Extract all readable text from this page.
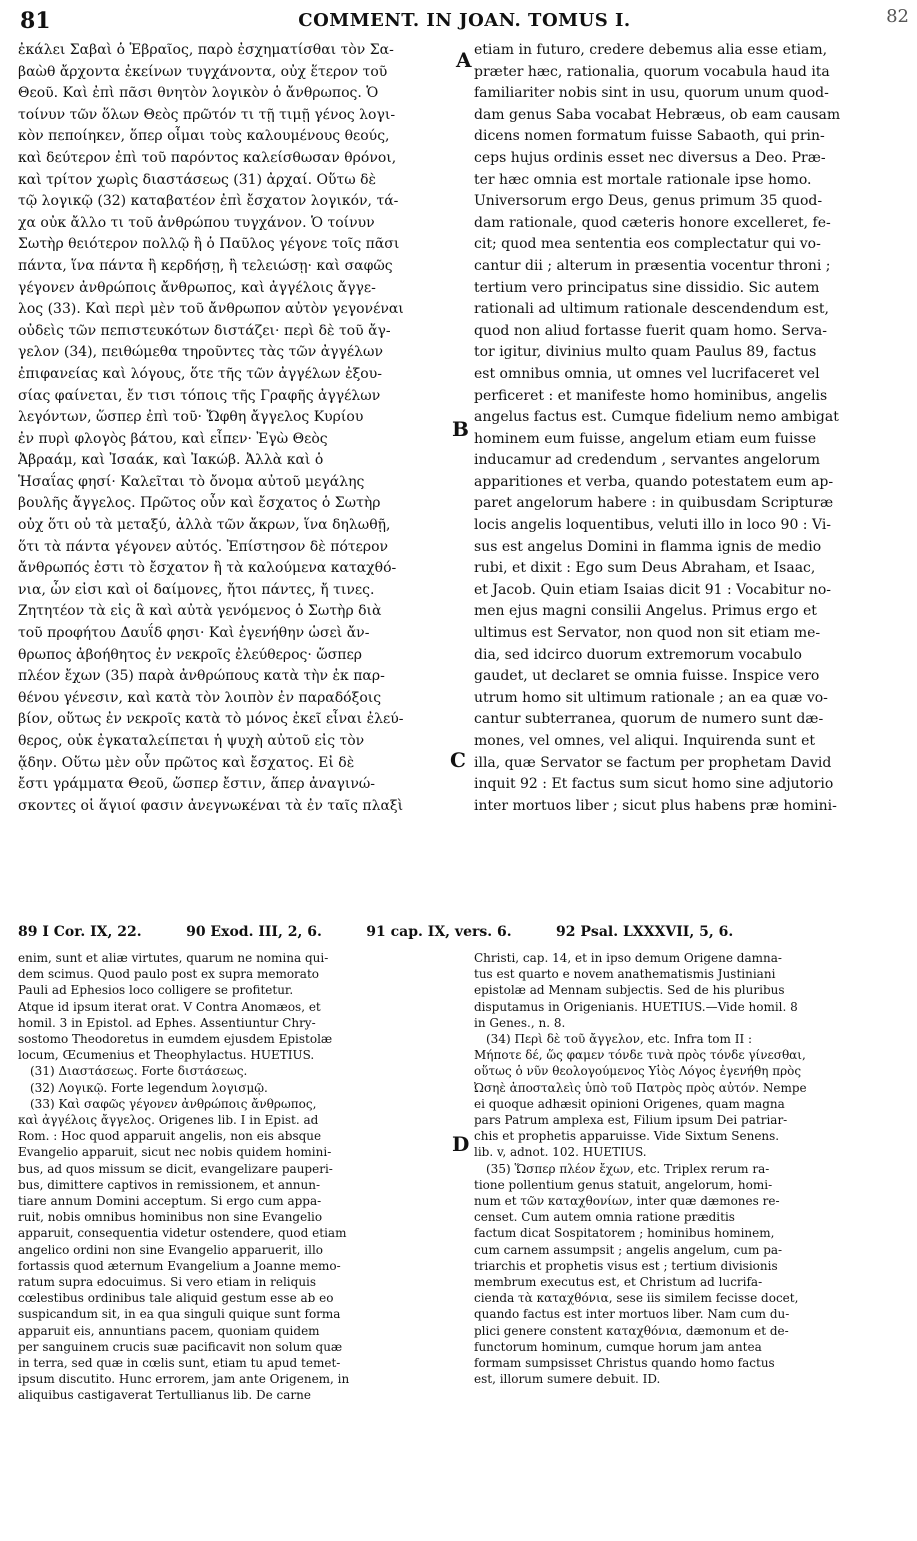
81	COMMENT. IN JOAN. TOMUS I.	82

ἐκάλει Σαβαὶ ὁ Ἑβραῖος, παρὸ ἐσχηματίσθαι τὸν Σα-

βαὼθ ἄρχοντα ἐκείνων τυγχάνοντα, οὐχ ἕτερον τοῦ

Θεοῦ. Καὶ ἐπὶ πᾶσι θνητὸν λογικὸν ὁ ἄνθρωπος. Ὁ

τοίνυν τῶν ὅλων Θεὸς πρῶτόν τι τῇ τιμῇ γένος λογι-

κὸν πεποίηκεν, ὅπερ οἶμαι τοὺς καλουμένους θεούς,

καὶ δεύτερον ἐπὶ τοῦ παρόντος καλείσθωσαν θρόνοι,

καὶ τρίτον χωρὶς διαστάσεως (31) ἀρχαί. Οὕτω δὲ

τῷ λογικῷ (32) καταβατέον ἐπὶ ἔσχατον λογικόν, τά-

χα οὐκ ἄλλο τι τοῦ ἀνθρώπου τυγχάνον. Ὁ τοίνυν

Σωτὴρ θειότερον πολλῷ ἢ ὁ Παῦλος γέγονε τοῖς πᾶσι

πάντα, ἵνα πάντα ἢ κερδήσῃ, ἢ τελειώσῃ· καὶ σαφῶς

γέγονεν ἀνθρώποις ἄνθρωπος, καὶ ἀγγέλοις ἄγγε-

λος (33). Καὶ περὶ μὲν τοῦ ἄνθρωπον αὐτὸν γεγονέναι

οὐδεὶς τῶν πεπιστευκότων διστάζει· περὶ δὲ τοῦ ἄγ-

γελον (34), πειθώμεθα τηροῦντες τὰς τῶν ἀγγέλων

ἐπιφανείας καὶ λόγους, ὅτε τῆς τῶν ἀγγέλων ἐξου-

σίας φαίνεται, ἔν τισι τόποις τῆς Γραφῆς ἀγγέλων

λεγόντων, ὥσπερ ἐπὶ τοῦ· Ὤφθη ἄγγελος Κυρίου

ἐν πυρὶ φλογὸς βάτου, καὶ εἶπεν· Ἐγὼ Θεὸς

Ἀβραάμ, καὶ Ἰσαάκ, καὶ Ἰακώβ. Ἀλλὰ καὶ ὁ

Ἡσαΐας φησί· Καλεῖται τὸ ὄνομα αὐτοῦ μεγάλης

βουλῆς ἄγγελος. Πρῶτος οὖν καὶ ἔσχατος ὁ Σωτὴρ

οὐχ ὅτι οὐ τὰ μεταξύ, ἀλλὰ τῶν ἄκρων, ἵνα δηλωθῇ,

ὅτι τὰ πάντα γέγονεν αὐτός. Ἐπίστησον δὲ πότερον

ἄνθρωπός ἐστι τὸ ἔσχατον ἢ τὰ καλούμενα καταχθό-

νια, ὧν εἰσι καὶ οἱ δαίμονες, ἤτοι πάντες, ἤ τινες.

Ζητητέον τὰ εἰς ἃ καὶ αὐτὰ γενόμενος ὁ Σωτὴρ διὰ

τοῦ προφήτου Δαυΐδ φησι· Καὶ ἐγενήθην ὡσεὶ ἄν-

θρωπος ἀβοήθητος ἐν νεκροῖς ἐλεύθερος· ὥσπερ

πλέον ἔχων (35) παρὰ ἀνθρώπους κατὰ τὴν ἐκ παρ-

θένου γένεσιν, καὶ κατὰ τὸν λοιπὸν ἐν παραδόξοις

βίον, οὕτως ἐν νεκροῖς κατὰ τὸ μόνος ἐκεῖ εἶναι ἐλεύ-

θερος, οὐκ ἐγκαταλείπεται ἡ ψυχὴ αὐτοῦ εἰς τὸν

ᾅδην. Οὕτω μὲν οὖν πρῶτος καὶ ἔσχατος. Εἰ δὲ

ἔστι γράμματα Θεοῦ, ὥσπερ ἔστιν, ἅπερ ἀναγινώ-

σκοντες οἱ ἅγιοί φασιν ἀνεγνωκέναι τὰ ἐν ταῖς πλαξὶ

etiam in futuro, credere debemus alia esse etiam,

præter hæc, rationalia, quorum vocabula haud ita

familiariter nobis sint in usu, quorum unum quod-

dam genus Saba vocabat Hebræus, ob eam causam

dicens nomen formatum fuisse Sabaoth, qui prin-

ceps hujus ordinis esset nec diversus a Deo. Præ-

ter hæc omnia est mortale rationale ipse homo.

Universorum ergo Deus, genus primum 35 quod-

dam rationale, quod cæteris honore excelleret, fe-

cit; quod mea sententia eos complectatur qui vo-

cantur dii ; alterum in præsentia vocentur throni ;

tertium vero principatus sine dissidio. Sic autem

rationali ad ultimum rationale descendendum est,

quod non aliud fortasse fuerit quam homo. Serva-

tor igitur, divinius multo quam Paulus 89, factus

est omnibus omnia, ut omnes vel lucrifaceret vel

perficeret : et manifeste homo hominibus, angelis

angelus factus est. Cumque fidelium nemo ambigat

hominem eum fuisse, angelum etiam eum fuisse

inducamur ad credendum , servantes angelorum

apparitiones et verba, quando potestatem eum ap-

paret angelorum habere : in quibusdam Scripturæ

locis angelis loquentibus, veluti illo in loco 90 : Vi-

sus est angelus Domini in flamma ignis de medio

rubi, et dixit : Ego sum Deus Abraham, et Isaac,

et Jacob. Quin etiam Isaias dicit 91 : Vocabitur no-

men ejus magni consilii Angelus. Primus ergo et

ultimus est Servator, non quod non sit etiam me-

dia, sed idcirco duorum extremorum vocabulo

gaudet, ut declaret se omnia fuisse. Inspice vero

utrum homo sit ultimum rationale ; an ea quæ vo-

cantur subterranea, quorum de numero sunt dæ-

mones, vel omnes, vel aliqui. Inquirenda sunt et

illa, quæ Servator se factum per prophetam David

inquit 92 : Et factus sum sicut homo sine adjutorio

inter mortuos liber ; sicut plus habens præ homini-

A
B
C
D
89 I Cor. IX, 22.	90 Exod. III, 2, 6.	91 cap. IX, vers. 6.	92 Psal. LXXXVII, 5, 6.

enim, sunt et aliæ virtutes, quarum ne nomina qui-

dem scimus. Quod paulo post ex supra memorato

Pauli ad Ephesios loco colligere se profitetur.

Atque id ipsum iterat orat. V Contra Anomæos, et

homil. 3 in Epistol. ad Ephes. Assentiuntur Chry-

sostomo Theodoretus in eumdem ejusdem Epistolæ

locum, Œcumenius et Theophylactus. HUETIUS.

(31) Διαστάσεως. Forte διστάσεως.

(32) Λογικῷ. Forte legendum λογισμῷ.

(33) Καὶ σαφῶς γέγονεν ἀνθρώποις ἄνθρωπος,

καὶ ἀγγέλοις ἄγγελος. Origenes lib. I in Epist. ad

Rom. : Hoc quod apparuit angelis, non eis absque

Evangelio apparuit, sicut nec nobis quidem homini-

bus, ad quos missum se dicit, evangelizare pauperi-

bus, dimittere captivos in remissionem, et annun-

tiare annum Domini acceptum. Si ergo cum appa-

ruit, nobis omnibus hominibus non sine Evangelio

apparuit, consequentia videtur ostendere, quod etiam

angelico ordini non sine Evangelio apparuerit, illo

fortassis quod æternum Evangelium a Joanne memo-

ratum supra edocuimus. Si vero etiam in reliquis

cœlestibus ordinibus tale aliquid gestum esse ab eo

suspicandum sit, in ea qua singuli quique sunt forma

apparuit eis, annuntians pacem, quoniam quidem

per sanguinem crucis suæ pacificavit non solum quæ

in terra, sed quæ in cœlis sunt, etiam tu apud temet-

ipsum discutito. Hunc errorem, jam ante Origenem, in

aliquibus castigaverat Tertullianus lib. De carne

Christi, cap. 14, et in ipso demum Origene damna-

tus est quarto e novem anathematismis Justiniani

epistolæ ad Mennam subjectis. Sed de his pluribus

disputamus in Origenianis. HUETIUS.—Vide homil. 8

in Genes., n. 8.

(34) Περὶ δὲ τοῦ ἄγγελον, etc. Infra tom II :

Μήποτε δέ, ὥς φαμεν τόνδε τινὰ πρὸς τόνδε γίνεσθαι,

οὕτως ὁ νῦν θεολογούμενος Υἱὸς Λόγος ἐγενήθη πρὸς

Ὠσηὲ ἀποσταλεὶς ὑπὸ τοῦ Πατρὸς πρὸς αὐτόν. Nempe

ei quoque adhæsit opinioni Origenes, quam magna

pars Patrum amplexa est, Filium ipsum Dei patriar-

chis et prophetis apparuisse. Vide Sixtum Senens.

lib. v, adnot. 102. HUETIUS.

(35) Ὥσπερ πλέον ἔχων, etc. Triplex rerum ra-

tione pollentium genus statuit, angelorum, homi-

num et τῶν καταχθονίων, inter quæ dæmones re-

censet. Cum autem omnia ratione præditis

factum dicat Sospitatorem ; hominibus hominem,

cum carnem assumpsit ; angelis angelum, cum pa-

triarchis et prophetis visus est ; tertium divisionis

membrum executus est, et Christum ad lucrifa-

cienda τὰ καταχθόνια, sese iis similem fecisse docet,

quando factus est inter mortuos liber. Nam cum du-

plici genere constent καταχθόνια, dæmonum et de-

functorum hominum, cumque horum jam antea

formam sumpsisset Christus quando homo factus

est, illorum sumere debuit. ID.
